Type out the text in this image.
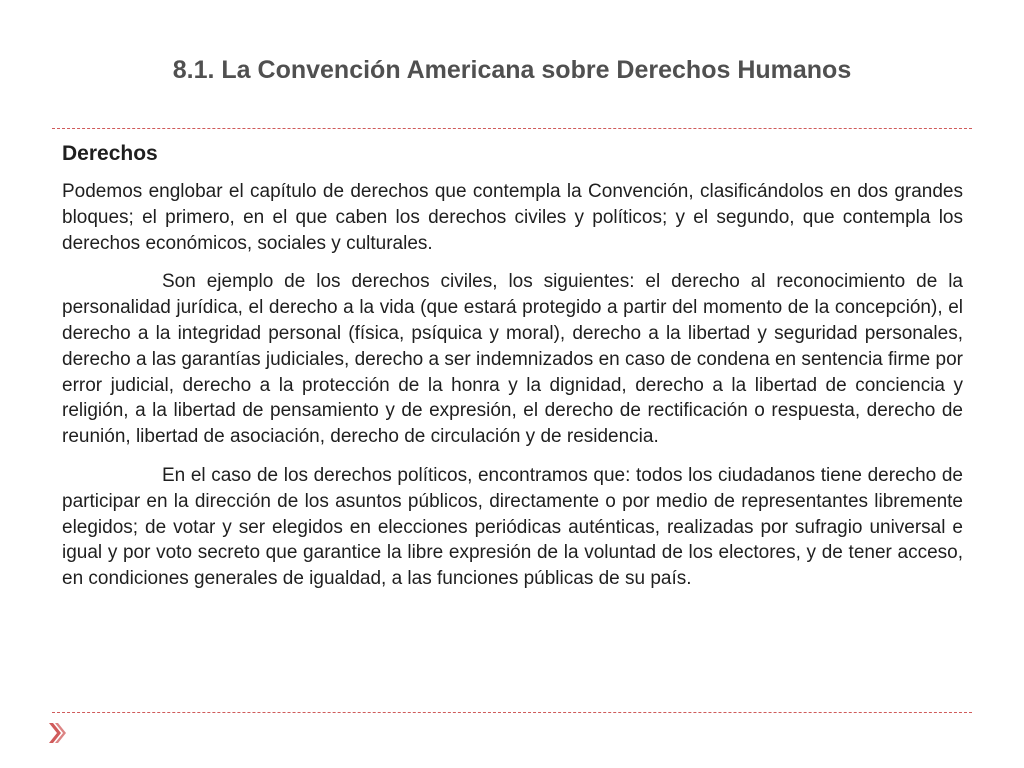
8.1. La Convención Americana sobre Derechos Humanos
Derechos

Podemos englobar el capítulo de derechos que contempla la Convención, clasificándolos en dos grandes bloques; el primero, en el que caben los derechos civiles y políticos; y el segundo, que contempla los derechos económicos, sociales y culturales.

Son ejemplo de los derechos civiles, los siguientes: el derecho al reconocimiento de la personalidad jurídica, el derecho a la vida (que estará protegido a partir del momento de la concepción), el derecho a la integridad personal (física, psíquica y moral), derecho a la libertad y seguridad personales, derecho a las garantías judiciales, derecho a ser indemnizados en caso de condena en sentencia firme por error judicial, derecho a la protección de la honra y la dignidad, derecho a la libertad de conciencia y religión, a la libertad de pensamiento y de expresión, el derecho de rectificación o respuesta, derecho de reunión, libertad de asociación, derecho de circulación y de residencia.

En el caso de los derechos políticos, encontramos que: todos los ciudadanos tiene derecho de participar en la dirección de los asuntos públicos, directamente o por medio de representantes libremente elegidos; de votar y ser elegidos en elecciones periódicas auténticas, realizadas por sufragio universal e igual y por voto secreto que garantice la libre expresión de la voluntad de los electores, y de tener acceso, en condiciones generales de igualdad, a las funciones públicas de su país.
